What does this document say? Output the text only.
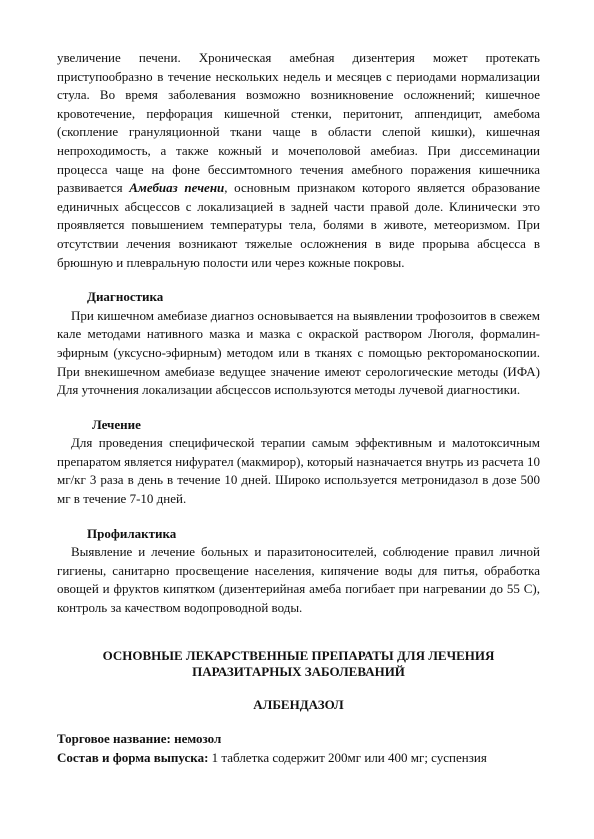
увеличение печени. Хроническая амебная дизентерия может протекать приступообразно в течение нескольких недель и месяцев с периодами нормализации стула. Во время заболевания возможно возникновение осложнений; кишечное кровотечение, перфорация кишечной стенки, перитонит, аппендицит, амебома (скопление грануляционной ткани чаще в области слепой кишки), кишечная непроходимость, а также кожный и мочеполовой амебиаз. При диссеминации процесса чаще на фоне бессимтомного течения амебного поражения кишечника развивается Амебиаз печени, основным признаком которого является образование единичных абсцессов с локализацией в задней части правой доле. Клинически это проявляется повышением температуры тела, болями в животе, метеоризмом. При отсутствии лечения возникают тяжелые осложнения в виде прорыва абсцесса в брюшную и плевральную полости или через кожные покровы.

Диагностика

При кишечном амебиазе диагноз основывается на выявлении трофозоитов в свежем кале методами нативного мазка и мазка с окраской раствором Люголя, формалин-эфирным (уксусно-эфирным) методом или в тканях с помощью ректороманоскопии. При внекишечном амебиазе ведущее значение имеют серологические методы (ИФА) Для уточнения локализации абсцессов используются методы лучевой диагностики.

Лечение

Для проведения специфической терапии самым эффективным и малотоксичным препаратом является нифурател (макмирор), который назначается внутрь из расчета 10 мг/кг 3 раза в день в течение 10 дней. Широко используется метронидазол в дозе 500 мг в течение 7-10 дней.

Профилактика

Выявление и лечение больных и паразитоносителей, соблюдение правил личной гигиены, санитарно просвещение населения, кипячение воды для питья, обработка овощей и фруктов кипятком (дизентерийная амеба погибает при нагревании до 55 С), контроль за качеством водопроводной воды.

ОСНОВНЫЕ ЛЕКАРСТВЕННЫЕ ПРЕПАРАТЫ ДЛЯ ЛЕЧЕНИЯ

ПАРАЗИТАРНЫХ ЗАБОЛЕВАНИЙ

АЛБЕНДАЗОЛ

Торговое название: немозол

Состав и форма выпуска: 1 таблетка содержит 200мг или 400 мг; суспензия
